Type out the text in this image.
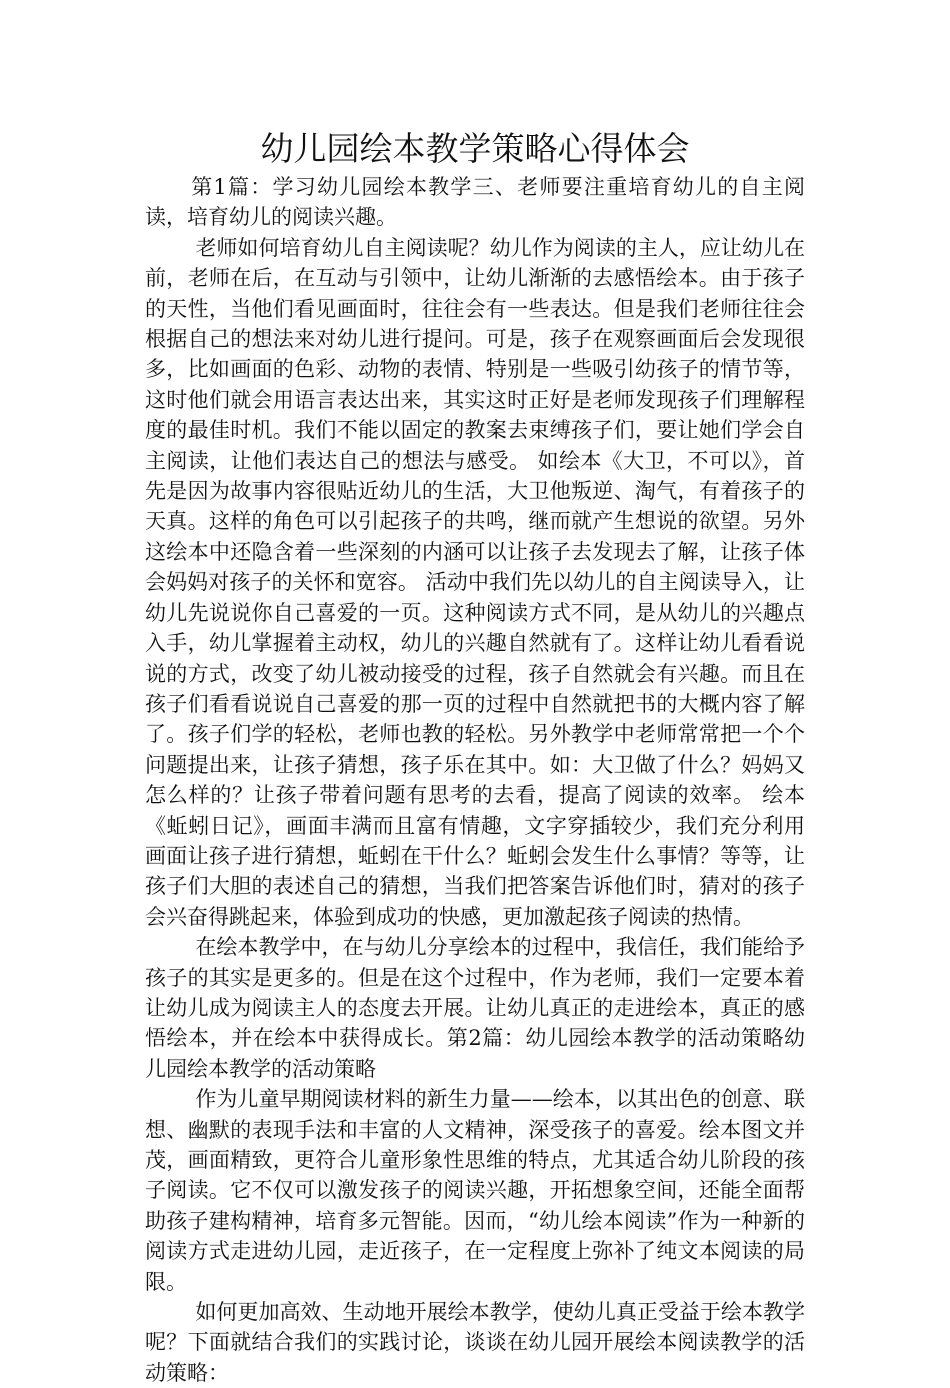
幼儿园绘本教学策略心得体会

第1篇：学习幼儿园绘本教学三、老师要注重培育幼儿的自主阅读，培育幼儿的阅读兴趣。

老师如何培育幼儿自主阅读呢？幼儿作为阅读的主人，应让幼儿在前，老师在后，在互动与引领中，让幼儿渐渐的去感悟绘本。由于孩子的天性，当他们看见画面时，往往会有一些表达。但是我们老师往往会根据自己的想法来对幼儿进行提问。可是，孩子在观察画面后会发现很多，比如画面的色彩、动物的表情、特别是一些吸引幼孩子的情节等，这时他们就会用语言表达出来，其实这时正好是老师发现孩子们理解程度的最佳时机。我们不能以固定的教案去束缚孩子们，要让她们学会自主阅读，让他们表达自己的想法与感受。 如绘本《大卫，不可以》，首先是因为故事内容很贴近幼儿的生活，大卫他叛逆、淘气，有着孩子的天真。这样的角色可以引起孩子的共鸣，继而就产生想说的欲望。另外这绘本中还隐含着一些深刻的内涵可以让孩子去发现去了解，让孩子体会妈妈对孩子的关怀和宽容。 活动中我们先以幼儿的自主阅读导入，让幼儿先说说你自己喜爱的一页。这种阅读方式不同，是从幼儿的兴趣点入手，幼儿掌握着主动权，幼儿的兴趣自然就有了。这样让幼儿看看说说的方式，改变了幼儿被动接受的过程，孩子自然就会有兴趣。而且在孩子们看看说说自己喜爱的那一页的过程中自然就把书的大概内容了解了。孩子们学的轻松，老师也教的轻松。另外教学中老师常常把一个个问题提出来，让孩子猜想，孩子乐在其中。如：大卫做了什么？妈妈又怎么样的？让孩子带着问题有思考的去看，提高了阅读的效率。 绘本《蚯蚓日记》，画面丰满而且富有情趣，文字穿插较少，我们充分利用画面让孩子进行猜想，蚯蚓在干什么？蚯蚓会发生什么事情？等等，让孩子们大胆的表述自己的猜想，当我们把答案告诉他们时，猜对的孩子会兴奋得跳起来，体验到成功的快感，更加激起孩子阅读的热情。

在绘本教学中，在与幼儿分享绘本的过程中，我信任，我们能给予孩子的其实是更多的。但是在这个过程中，作为老师，我们一定要本着让幼儿成为阅读主人的态度去开展。让幼儿真正的走进绘本，真正的感悟绘本，并在绘本中获得成长。第2篇：幼儿园绘本教学的活动策略幼儿园绘本教学的活动策略

作为儿童早期阅读材料的新生力量——绘本，以其出色的创意、联想、幽默的表现手法和丰富的人文精神，深受孩子的喜爱。绘本图文并茂，画面精致，更符合儿童形象性思维的特点，尤其适合幼儿阶段的孩子阅读。它不仅可以激发孩子的阅读兴趣，开拓想象空间，还能全面帮助孩子建构精神，培育多元智能。因而，“幼儿绘本阅读”作为一种新的阅读方式走进幼儿园，走近孩子，在一定程度上弥补了纯文本阅读的局限。

如何更加高效、生动地开展绘本教学，使幼儿真正受益于绘本教学呢？下面就结合我们的实践讨论，谈谈在幼儿园开展绘本阅读教学的活动策略：
